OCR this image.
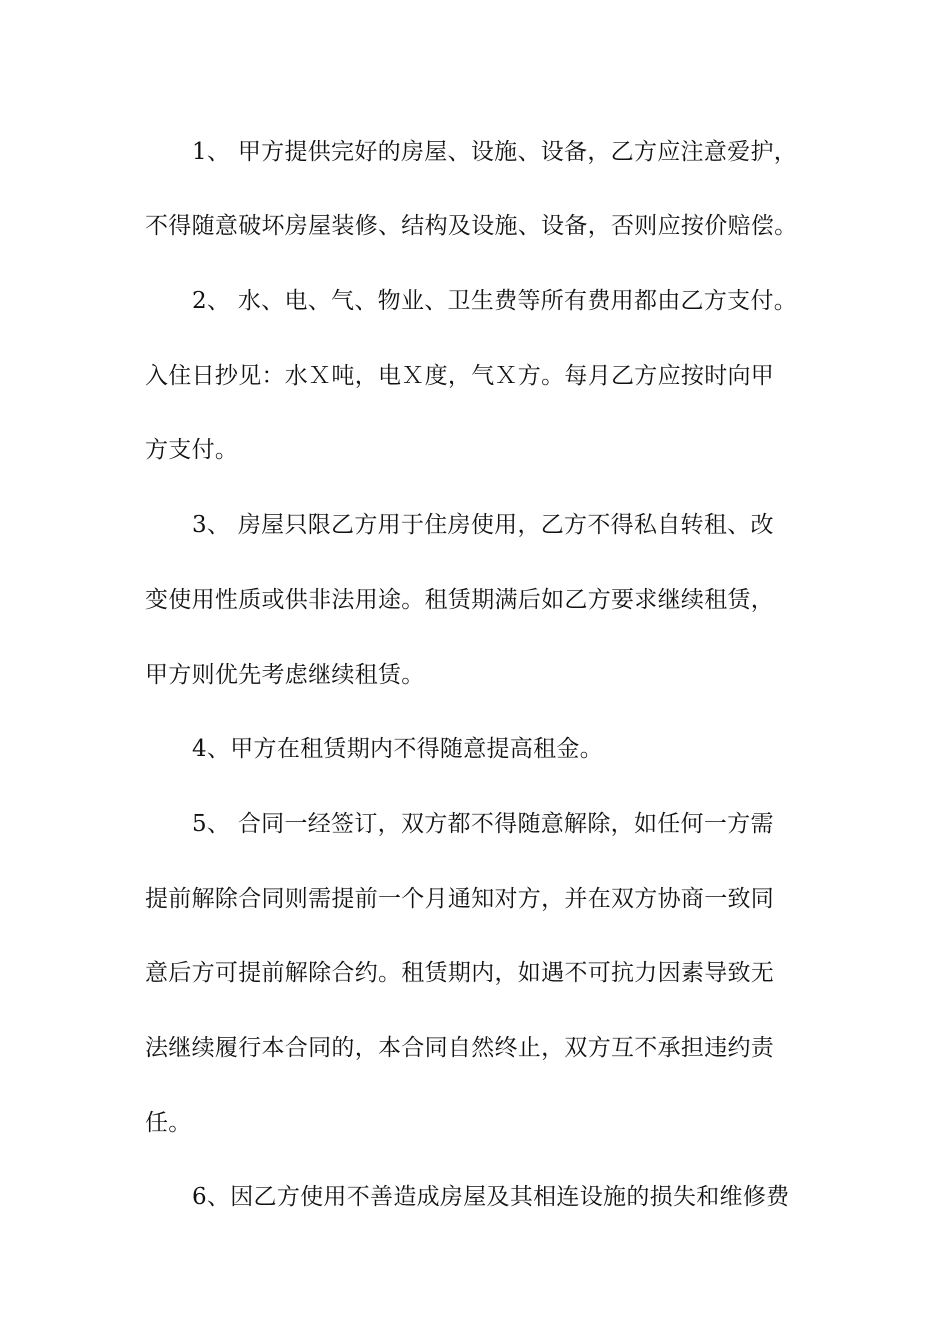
1、 甲方提供完好的房屋、设施、设备，乙方应注意爱护，
不得随意破坏房屋装修、结构及设施、设备，否则应按价赔偿。
2、 水、电、气、物业、卫生费等所有费用都由乙方支付。
入住日抄见：水Ｘ吨，电Ｘ度，气Ｘ方。每月乙方应按时向甲
方支付。
3、 房屋只限乙方用于住房使用，乙方不得私自转租、改
变使用性质或供非法用途。租赁期满后如乙方要求继续租赁，
甲方则优先考虑继续租赁。
4、甲方在租赁期内不得随意提高租金。
5、 合同一经签订，双方都不得随意解除，如任何一方需
提前解除合同则需提前一个月通知对方，并在双方协商一致同
意后方可提前解除合约。租赁期内，如遇不可抗力因素导致无
法继续履行本合同的，本合同自然终止，双方互不承担违约责
任。
6、因乙方使用不善造成房屋及其相连设施的损失和维修费
